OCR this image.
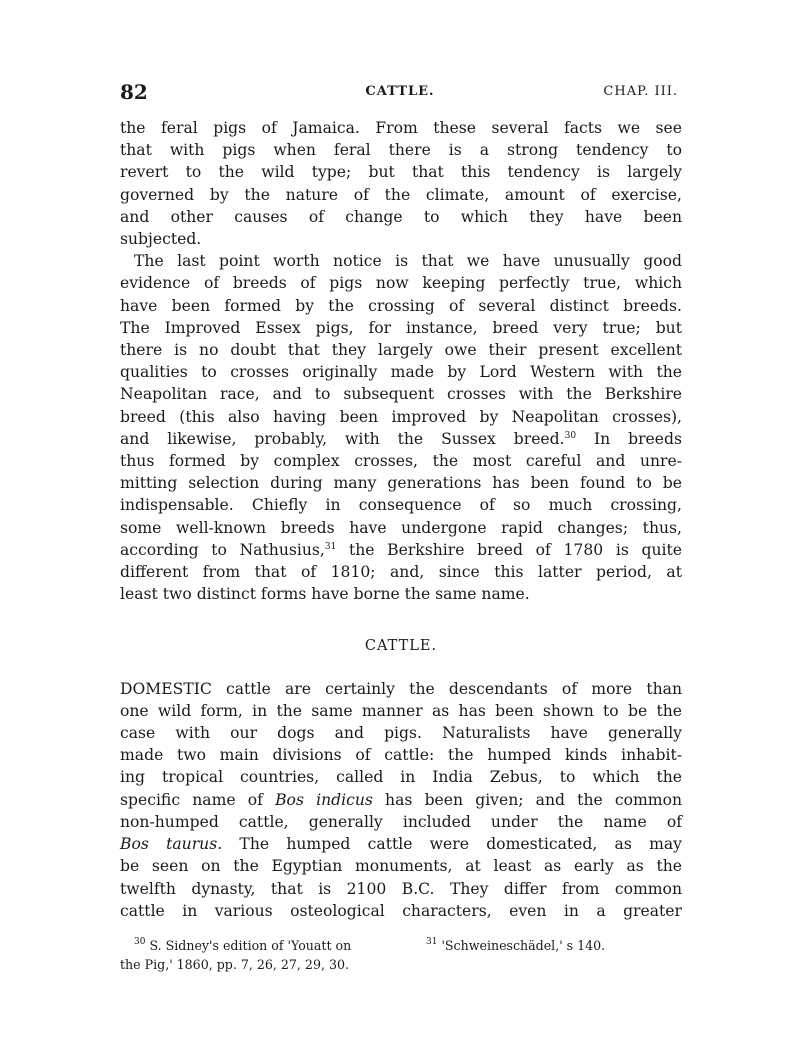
82	CATTLE.	CHAP. III.
the feral pigs of Jamaica. From these several facts we see
that with pigs when feral there is a strong tendency to
revert to the wild type; but that this tendency is largely
governed by the nature of the climate, amount of exercise,
and other causes of change to which they have been
subjected.
The last point worth notice is that we have unusually good
evidence of breeds of pigs now keeping perfectly true, which
have been formed by the crossing of several distinct breeds.
The Improved Essex pigs, for instance, breed very true; but
there is no doubt that they largely owe their present excellent
qualities to crosses originally made by Lord Western with the
Neapolitan race, and to subsequent crosses with the Berkshire
breed (this also having been improved by Neapolitan crosses),
and likewise, probably, with the Sussex breed.$^{30}$ In breeds
thus formed by complex crosses, the most careful and unre-
mitting selection during many generations has been found to be
indispensable. Chiefly in consequence of so much crossing,
some well-known breeds have undergone rapid changes; thus,
according to Nathusius,$^{31}$ the Berkshire breed of 1780 is quite
different from that of 1810; and, since this latter period, at
least two distinct forms have borne the same name.
CATTLE.
DOMESTIC cattle are certainly the descendants of more than
one wild form, in the same manner as has been shown to be the
case with our dogs and pigs. Naturalists have generally
made two main divisions of cattle: the humped kinds inhabit-
ing tropical countries, called in India Zebus, to which the
specific name of Bos indicus has been given; and the common
non-humped cattle, generally included under the name of
Bos taurus. The humped cattle were domesticated, as may
be seen on the Egyptian monuments, at least as early as the
twelfth dynasty, that is 2100 B.C. They differ from common
cattle in various osteological characters, even in a greater
$^{30}$ S. Sidney's edition of 'Youatt on	$^{31}$ 'Schweineschädel,' s 140.
the Pig,' 1860, pp. 7, 26, 27, 29, 30.
